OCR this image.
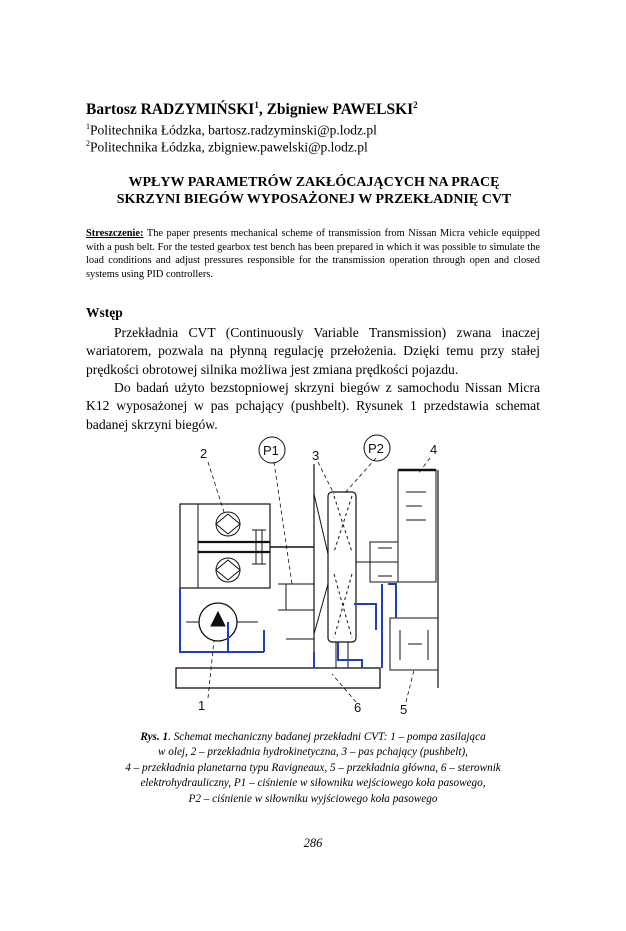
Bartosz RADZYMIŃSKI$^1$, Zbigniew PAWELSKI$^2$
$^1$Politechnika Łódzka, bartosz.radzyminski@p.lodz.pl
$^2$Politechnika Łódzka, zbigniew.pawelski@p.lodz.pl
WPŁYW PARAMETRÓW ZAKŁÓCAJĄCYCH NA PRACĘ
SKRZYNI BIEGÓW WYPOSAŻONEJ W PRZEKŁADNIĘ CVT
Streszczenie: The paper presents mechanical scheme of transmission from Nissan Micra vehicle equipped with a push belt. For the tested gearbox test bench has been prepared in which it was possible to simulate the load conditions and adjust pressures responsible for the transmission operation through open and closed systems using PID controllers.
Wstęp
Przekładnia CVT (Continuously Variable Transmission) zwana inaczej wariatorem, pozwala na płynną regulację przełożenia. Dzięki temu przy stałej prędkości obrotowej silnika możliwa jest zmiana prędkości pojazdu.
Do badań użyto bezstopniowej skrzyni biegów z samochodu Nissan Micra K12 wyposażonej w pas pchający (pushbelt). Rysunek 1 przedstawia schemat badanej skrzyni biegów.
2	P1	3	P2	4
1	6	5
Rys. 1. Schemat mechaniczny badanej przekładni CVT: 1 – pompa zasilająca
w olej, 2 – przekładnia hydrokinetyczna, 3 – pas pchający (pushbelt),
4 – przekładnia planetarna typu Ravigneaux, 5 – przekładnia główna, 6 – sterownik
elektrohydrauliczny, P1 – ciśnienie w siłowniku wejściowego koła pasowego,
P2 – ciśnienie w siłowniku wyjściowego koła pasowego
286
